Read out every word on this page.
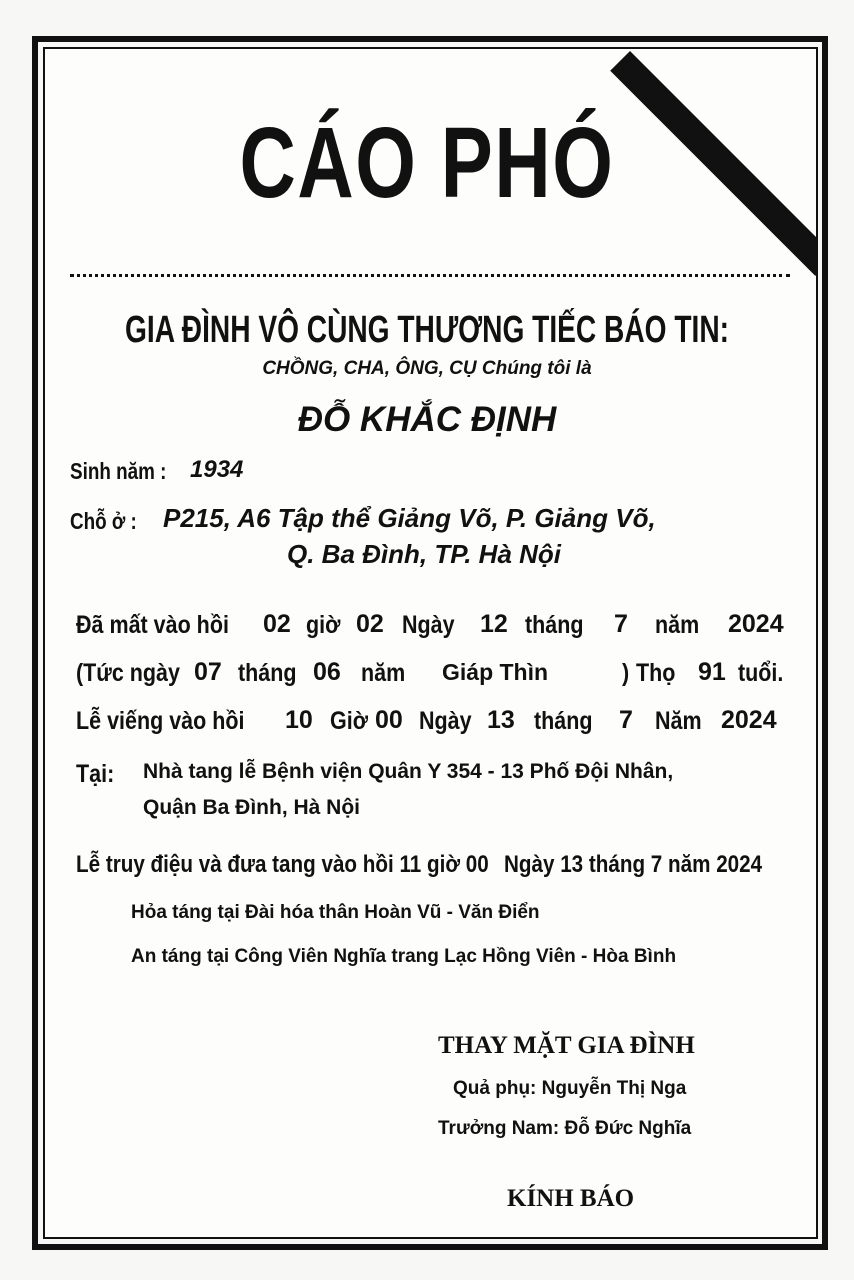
CÁO PHÓ
GIA ĐÌNH VÔ CÙNG THƯƠNG TIẾC BÁO TIN:
CHỒNG, CHA, ÔNG, CỤ Chúng tôi là
ĐỖ KHẮC ĐỊNH
Sinh năm : 1934
Chỗ ở : P215, A6 Tập thể Giảng Võ, P. Giảng Võ,
Q. Ba Đình, TP. Hà Nội
Đã mất vào hồi 02 giờ 02 Ngày 12 tháng 7 năm 2024
(Tức ngày 07 tháng 06 năm Giáp Thìn	) Thọ 91 tuổi.
Lễ viếng vào hồi 10 Giờ 00 Ngày 13 tháng 7 Năm 2024
Tại: Nhà tang lễ Bệnh viện Quân Y 354 - 13 Phố Đội Nhân,
Quận Ba Đình, Hà Nội
Lễ truy điệu và đưa tang vào hồi 11 giờ 00 Ngày 13 tháng 7 năm 2024
Hỏa táng tại Đài hóa thân Hoàn Vũ - Văn Điển
An táng tại Công Viên Nghĩa trang Lạc Hồng Viên - Hòa Bình
THAY MẶT GIA ĐÌNH
Quả phụ: Nguyễn Thị Nga
Trưởng Nam: Đỗ Đức Nghĩa
KÍNH BÁO
